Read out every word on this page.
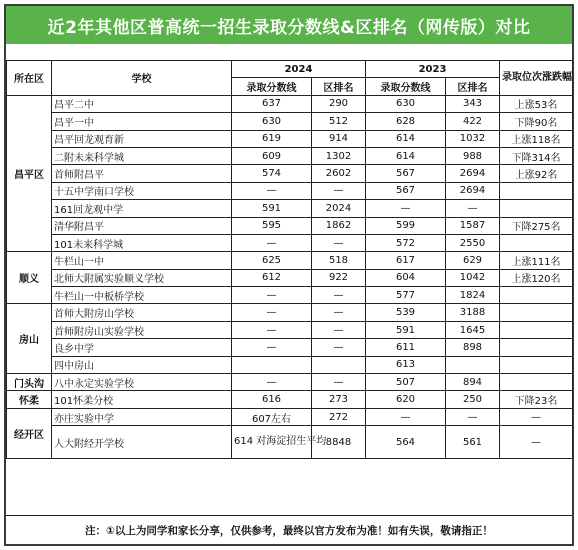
近2年其他区普高统一招生录取分数线&区排名（网传版）对比
所在区	学校	2024		2023		录取位次涨跌幅
		录取分数线	区排名	录取分数线	区排名	
昌平区	昌平二中	637	290	630	343	上涨53名
	昌平一中	630	512	628	422	下降90名
	昌平回龙观育新	619	914	614	1032	上涨118名
	二附未来科学城	609	1302	614	988	下降314名
	首师附昌平	574	2602	567	2694	上涨92名
	十五中学南口学校	—	—	567	2694	
	161回龙观中学	591	2024	—	—	
	清华附昌平	595	1862	599	1587	下降275名
	101未来科学城	—	—	572	2550	
顺义	牛栏山一中	625	518	617	629	上涨111名
	北师大附属实验顺义学校	612	922	604	1042	上涨120名
	牛栏山一中板桥学校	—	—	577	1824	
房山	首师大附房山学校	—	—	539	3188	
	首师附房山实验学校	—	—	591	1645	
	良乡中学	—	—	611	898	
	四中房山			613		
门头沟	八中永定实验学校	—	—	507	894	
怀柔	101怀柔分校	616	273	620	250	下降23名
经开区	亦庄实验中学	607左右	272	—	—	—
	人大附经开学校	614 对海淀招生平均	8848	564	561	—
注：①以上为同学和家长分享，仅供参考，最终以官方发布为准！如有失误，敬请指正！
